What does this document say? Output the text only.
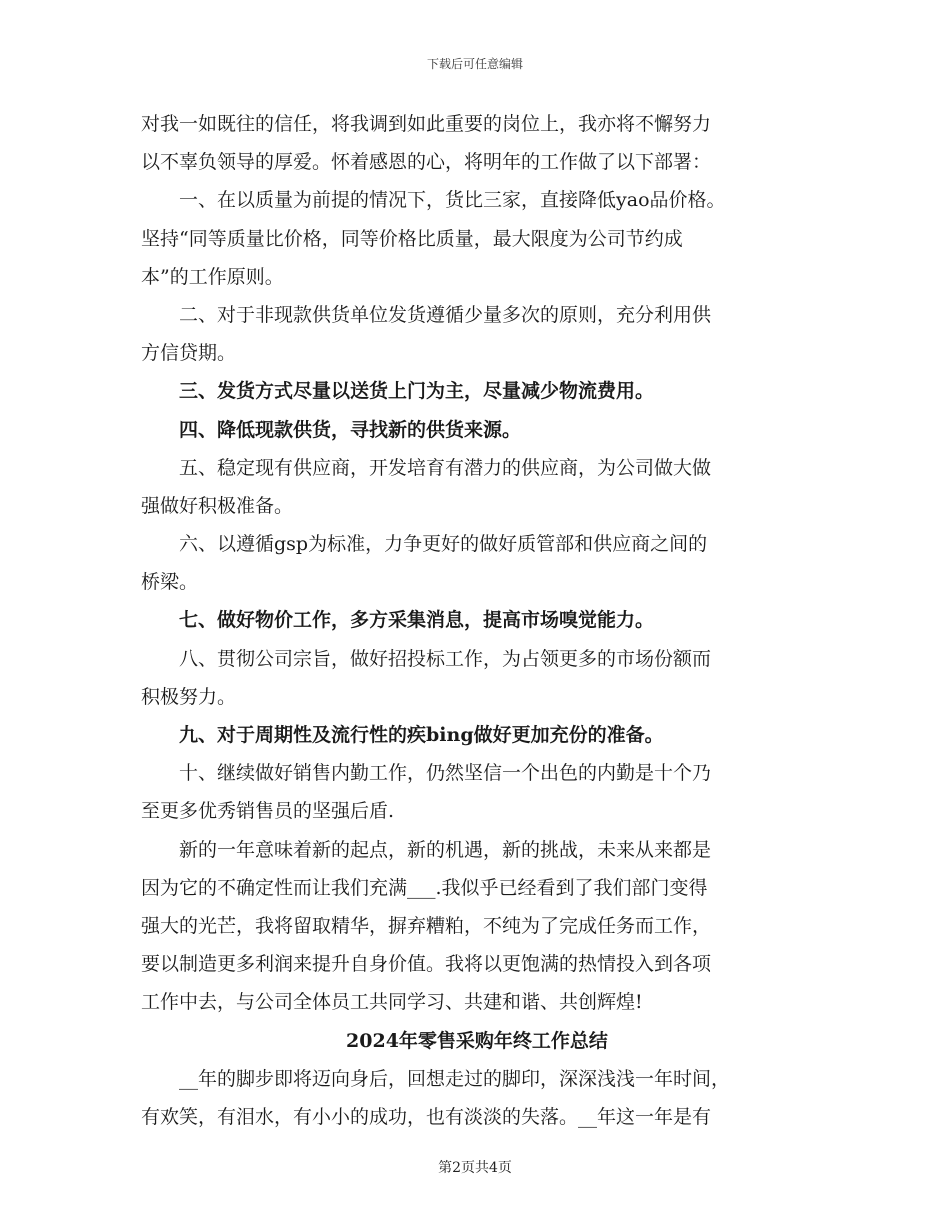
下载后可任意编辑
对我一如既往的信任，将我调到如此重要的岗位上，我亦将不懈努力
以不辜负领导的厚爱。怀着感恩的心，将明年的工作做了以下部署：
一、在以质量为前提的情况下，货比三家，直接降低yao品价格。
坚持“同等质量比价格，同等价格比质量，最大限度为公司节约成
本”的工作原则。
二、对于非现款供货单位发货遵循少量多次的原则，充分利用供
方信贷期。
三、发货方式尽量以送货上门为主，尽量减少物流费用。
四、降低现款供货，寻找新的供货来源。
五、稳定现有供应商，开发培育有潜力的供应商，为公司做大做
强做好积极准备。
六、以遵循gsp为标准，力争更好的做好质管部和供应商之间的
桥梁。
七、做好物价工作，多方采集消息，提高市场嗅觉能力。
八、贯彻公司宗旨，做好招投标工作，为占领更多的市场份额而
积极努力。
九、对于周期性及流行性的疾bing做好更加充份的准备。
十、继续做好销售内勤工作，仍然坚信一个出色的内勤是十个乃
至更多优秀销售员的坚强后盾.
新的一年意味着新的起点，新的机遇，新的挑战，未来从来都是
因为它的不确定性而让我们充满___.我似乎已经看到了我们部门变得
强大的光芒，我将留取精华，摒弃糟粕，不纯为了完成任务而工作，
要以制造更多利润来提升自身价值。我将以更饱满的热情投入到各项
工作中去，与公司全体员工共同学习、共建和谐、共创辉煌!
2024年零售采购年终工作总结
__年的脚步即将迈向身后，回想走过的脚印，深深浅浅一年时间，
有欢笑，有泪水，有小小的成功，也有淡淡的失落。__年这一年是有
第2页共4页
